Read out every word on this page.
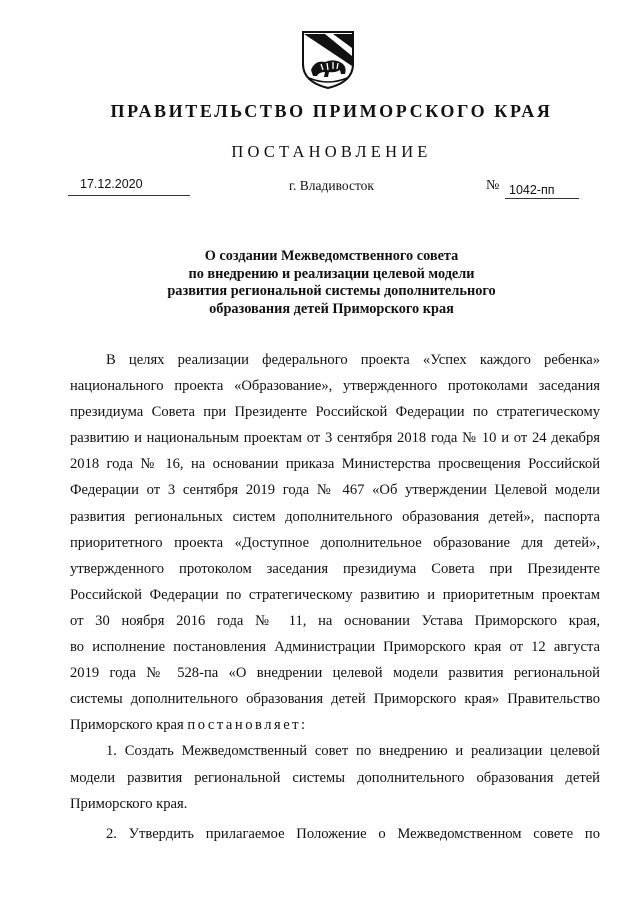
ПРАВИТЕЛЬСТВО ПРИМОРСКОГО КРАЯ
ПОСТАНОВЛЕНИЕ
17.12.2020	г. Владивосток	№ 1042-пп
О создании Межведомственного совета
по внедрению и реализации целевой модели
развития региональной системы дополнительного
образования детей Приморского края
В целях реализации федерального проекта «Успех каждого ребенка»
национального проекта «Образование», утвержденного протоколами заседания
президиума Совета при Президенте Российской Федерации по стратегическому
развитию и национальным проектам от 3 сентября 2018 года № 10 и от 24 декабря
2018 года № 16, на основании приказа Министерства просвещения Российской
Федерации от 3 сентября 2019 года № 467 «Об утверждении Целевой модели
развития региональных систем дополнительного образования детей», паспорта
приоритетного проекта «Доступное дополнительное образование для детей»,
утвержденного протоколом заседания президиума Совета при Президенте
Российской Федерации по стратегическому развитию и приоритетным проектам
от 30 ноября 2016 года № 11, на основании Устава Приморского края,
во исполнение постановления Администрации Приморского края от 12 августа
2019 года № 528-па «О внедрении целевой модели развития региональной
системы дополнительного образования детей Приморского края» Правительство
Приморского края постановляет:
1. Создать Межведомственный совет по внедрению и реализации целевой
модели развития региональной системы дополнительного образования детей
Приморского края.
2. Утвердить прилагаемое Положение о Межведомственном совете по
